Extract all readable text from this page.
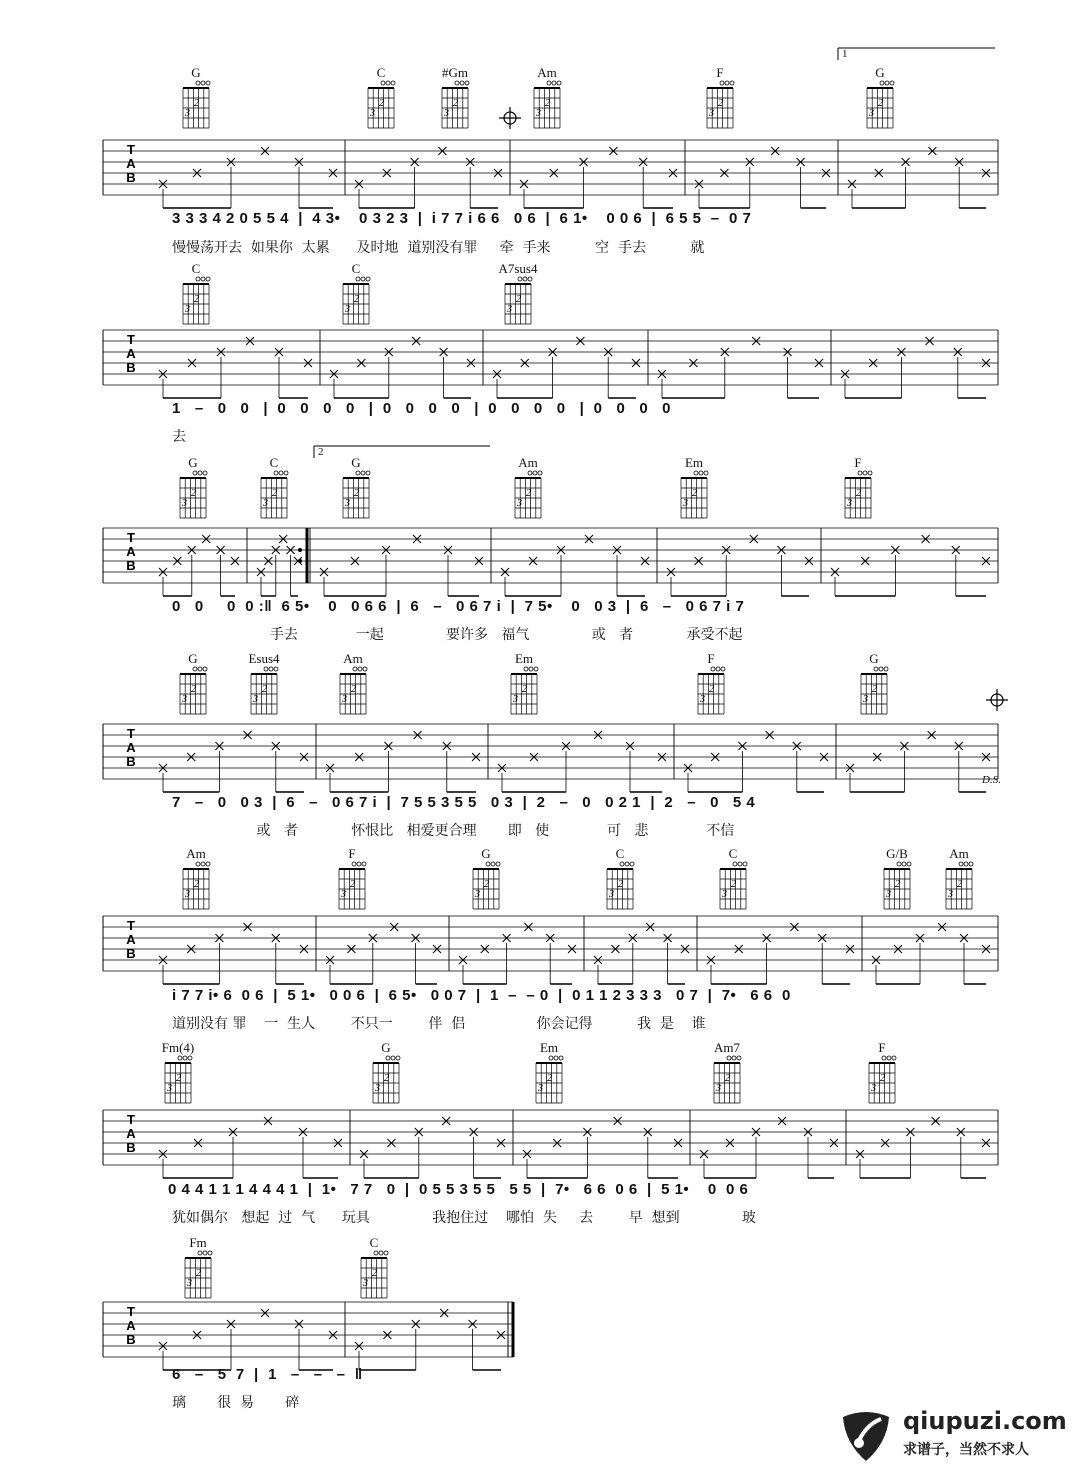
1
2
D.S.
T
A
B
G
2
3
C
2
3
#Gm
2
3
Am
2
3
F
2
3
G
2
3
3 3 3 4 2 0 5 5 4  |  4 3•    0 3 2 3  |  i 7 7 i 6 6   0 6  |  6 1•    0 0 6  |  6 5 5  –  0 7
慢慢荡开去  如果你  太累      及时地  道别没有罪     牵  手来          空  手去          就
T
A
B
C
2
3
C
2
3
A7sus4
2
3
1   –   0   0   |  0   0   0   0   |  0   0   0   0   |  0   0   0   0   |  0   0   0   0
去
T
A
B
G
2
3
C
2
3
G
2
3
Am
2
3
Em
2
3
F
2
3
0   0     0  0 :‖  6 5•    0   0 6 6  |  6   –   0 6 7 i  |  7 5•    0   0 3  |  6   –   0 6 7 i 7
手去             一起              要许多   福气              或   者            承受不起
T
A
B
G
2
3
Esus4
2
3
Am
2
3
Em
2
3
F
2
3
G
2
3
7   –   0   0 3  |  6   –   0 6 7 i  |  7 5 5 3 5 5   0 3  |  2   –   0   0 2 1  |  2   –   0   5 4
或   者            怀恨比   相爱更合理       即   使             可   悲             不信
T
A
B
Am
2
3
F
2
3
G
2
3
C
2
3
C
2
3
G/B
2
3
Am
2
3
i 7 7 i• 6  0 6  |  5 1•   0 0 6  |  6 5•   0 0 7  |  1  –  – 0  |  0 1 1 2 3 3 3   0 7  |  7•   6 6  0
道别没有 罪    一  生人        不只一        伴  侣                你会记得          我  是    谁
T
A
B
Fm(4)
2
3
G
2
3
Em
2
3
Am7
2
3
F
2
3
0 4 4 1 1 1 4 4 4 1  |  1•   7 7   0  |  0 5 5 3 5 5   5 5  |  7•   6 6  0 6  |  5 1•    0  0 6
犹如偶尔   想起  过  气      玩具              我抱住过    哪怕  失     去        早  想到              玻
T
A
B
Fm
2
3
C
2
3
6   –   5  7  |  1   –   –   –  ‖
璃       很  易       碎
qiupuzi.com
求谱子，当然不求人
